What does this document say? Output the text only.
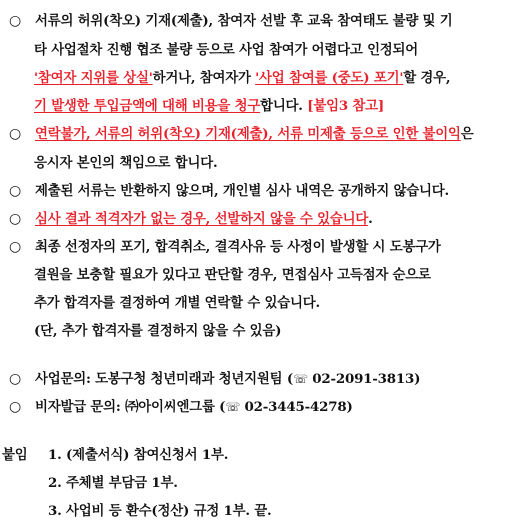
○ 서류의 허위(착오) 기재(제출), 참여자 선발 후 교육 참여태도 불량 및 기
타 사업절차 진행 협조 불량 등으로 사업 참여가 어렵다고 인정되어
'참여자 지위를 상실'하거나, 참여자가 '사업 참여를 (중도) 포기'할 경우,
기 발생한 투입금액에 대해 비용을 청구합니다. [붙임3 참고]
○ 연락불가, 서류의 허위(착오) 기재(제출), 서류 미제출 등으로 인한 불이익은
응시자 본인의 책임으로 합니다.
○ 제출된 서류는 반환하지 않으며, 개인별 심사 내역은 공개하지 않습니다.
○ 심사 결과 적격자가 없는 경우, 선발하지 않을 수 있습니다.
○ 최종 선정자의 포기, 합격취소, 결격사유 등 사정이 발생할 시 도봉구가
결원을 보충할 필요가 있다고 판단할 경우, 면접심사 고득점자 순으로
추가 합격자를 결정하여 개별 연락할 수 있습니다.
(단, 추가 합격자를 결정하지 않을 수 있음)
○ 사업문의: 도봉구청 청년미래과 청년지원팀 (☏ 02-2091-3813)
○ 비자발급 문의: ㈜아이씨엔그룹 (☏ 02-3445-4278)
붙임 1. (제출서식) 참여신청서 1부.
2. 주체별 부담금 1부.
3. 사업비 등 환수(정산) 규정 1부. 끝.
